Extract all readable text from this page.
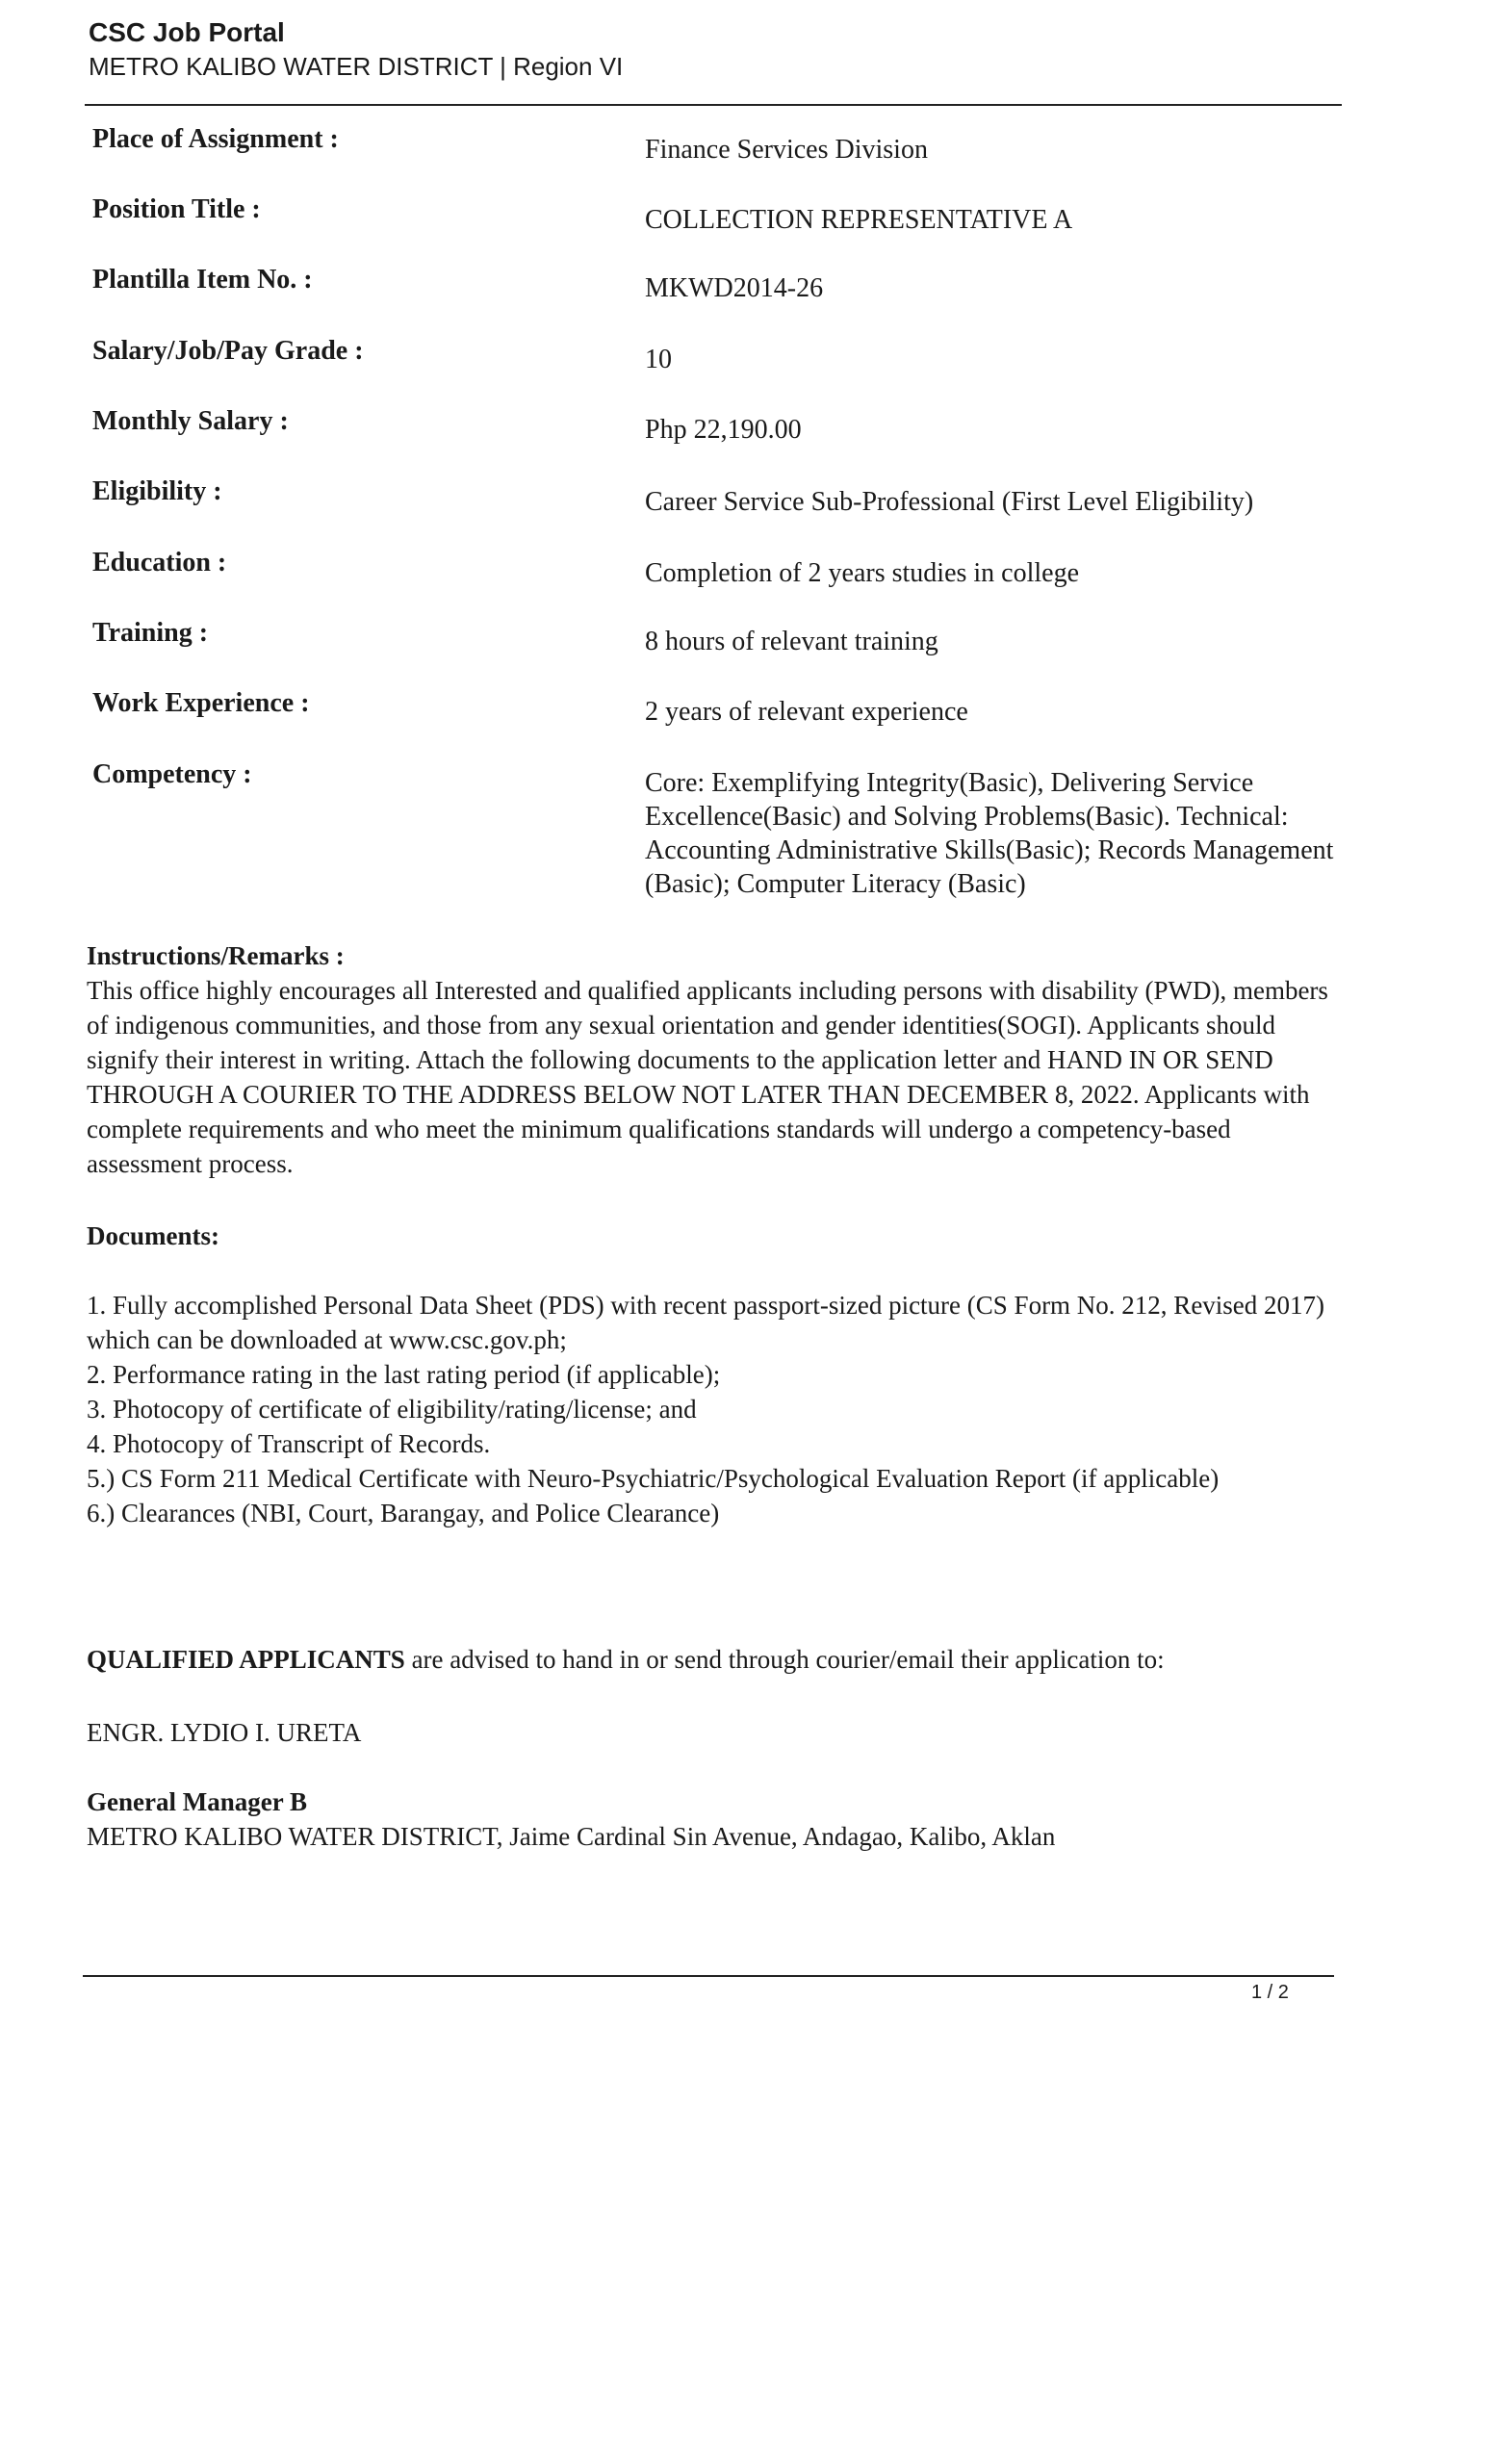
CSC Job Portal
METRO KALIBO WATER DISTRICT | Region VI
Place of Assignment :	Finance Services Division
Position Title :	COLLECTION REPRESENTATIVE A
Plantilla Item No. :	MKWD2014-26
Salary/Job/Pay Grade :	10
Monthly Salary :	Php 22,190.00
Eligibility :	Career Service Sub-Professional (First Level Eligibility)
Education :	Completion of 2 years studies in college
Training :	8 hours of relevant training
Work Experience :	2 years of relevant experience
Competency :	Core: Exemplifying Integrity(Basic), Delivering Service Excellence(Basic) and Solving Problems(Basic). Technical: Accounting Administrative Skills(Basic); Records Management (Basic); Computer Literacy (Basic)
Instructions/Remarks :
This office highly encourages all Interested and qualified applicants including persons with disability (PWD), members of indigenous communities, and those from any sexual orientation and gender identities(SOGI). Applicants should signify their interest in writing. Attach the following documents to the application letter and HAND IN OR SEND THROUGH A COURIER TO THE ADDRESS BELOW NOT LATER THAN DECEMBER 8, 2022. Applicants with complete requirements and who meet the minimum qualifications standards will undergo a competency-based assessment process.
Documents:

1. Fully accomplished Personal Data Sheet (PDS) with recent passport-sized picture (CS Form No. 212, Revised 2017) which can be downloaded at www.csc.gov.ph;

2. Performance rating in the last rating period (if applicable);

3. Photocopy of certificate of eligibility/rating/license; and

4. Photocopy of Transcript of Records.

5.) CS Form 211 Medical Certificate with Neuro-Psychiatric/Psychological Evaluation Report (if applicable)

6.) Clearances (NBI, Court, Barangay, and Police Clearance)

QUALIFIED APPLICANTS are advised to hand in or send through courier/email their application to:
ENGR. LYDIO I. URETA
General Manager B
METRO KALIBO WATER DISTRICT, Jaime Cardinal Sin Avenue, Andagao, Kalibo, Aklan
1 / 2
